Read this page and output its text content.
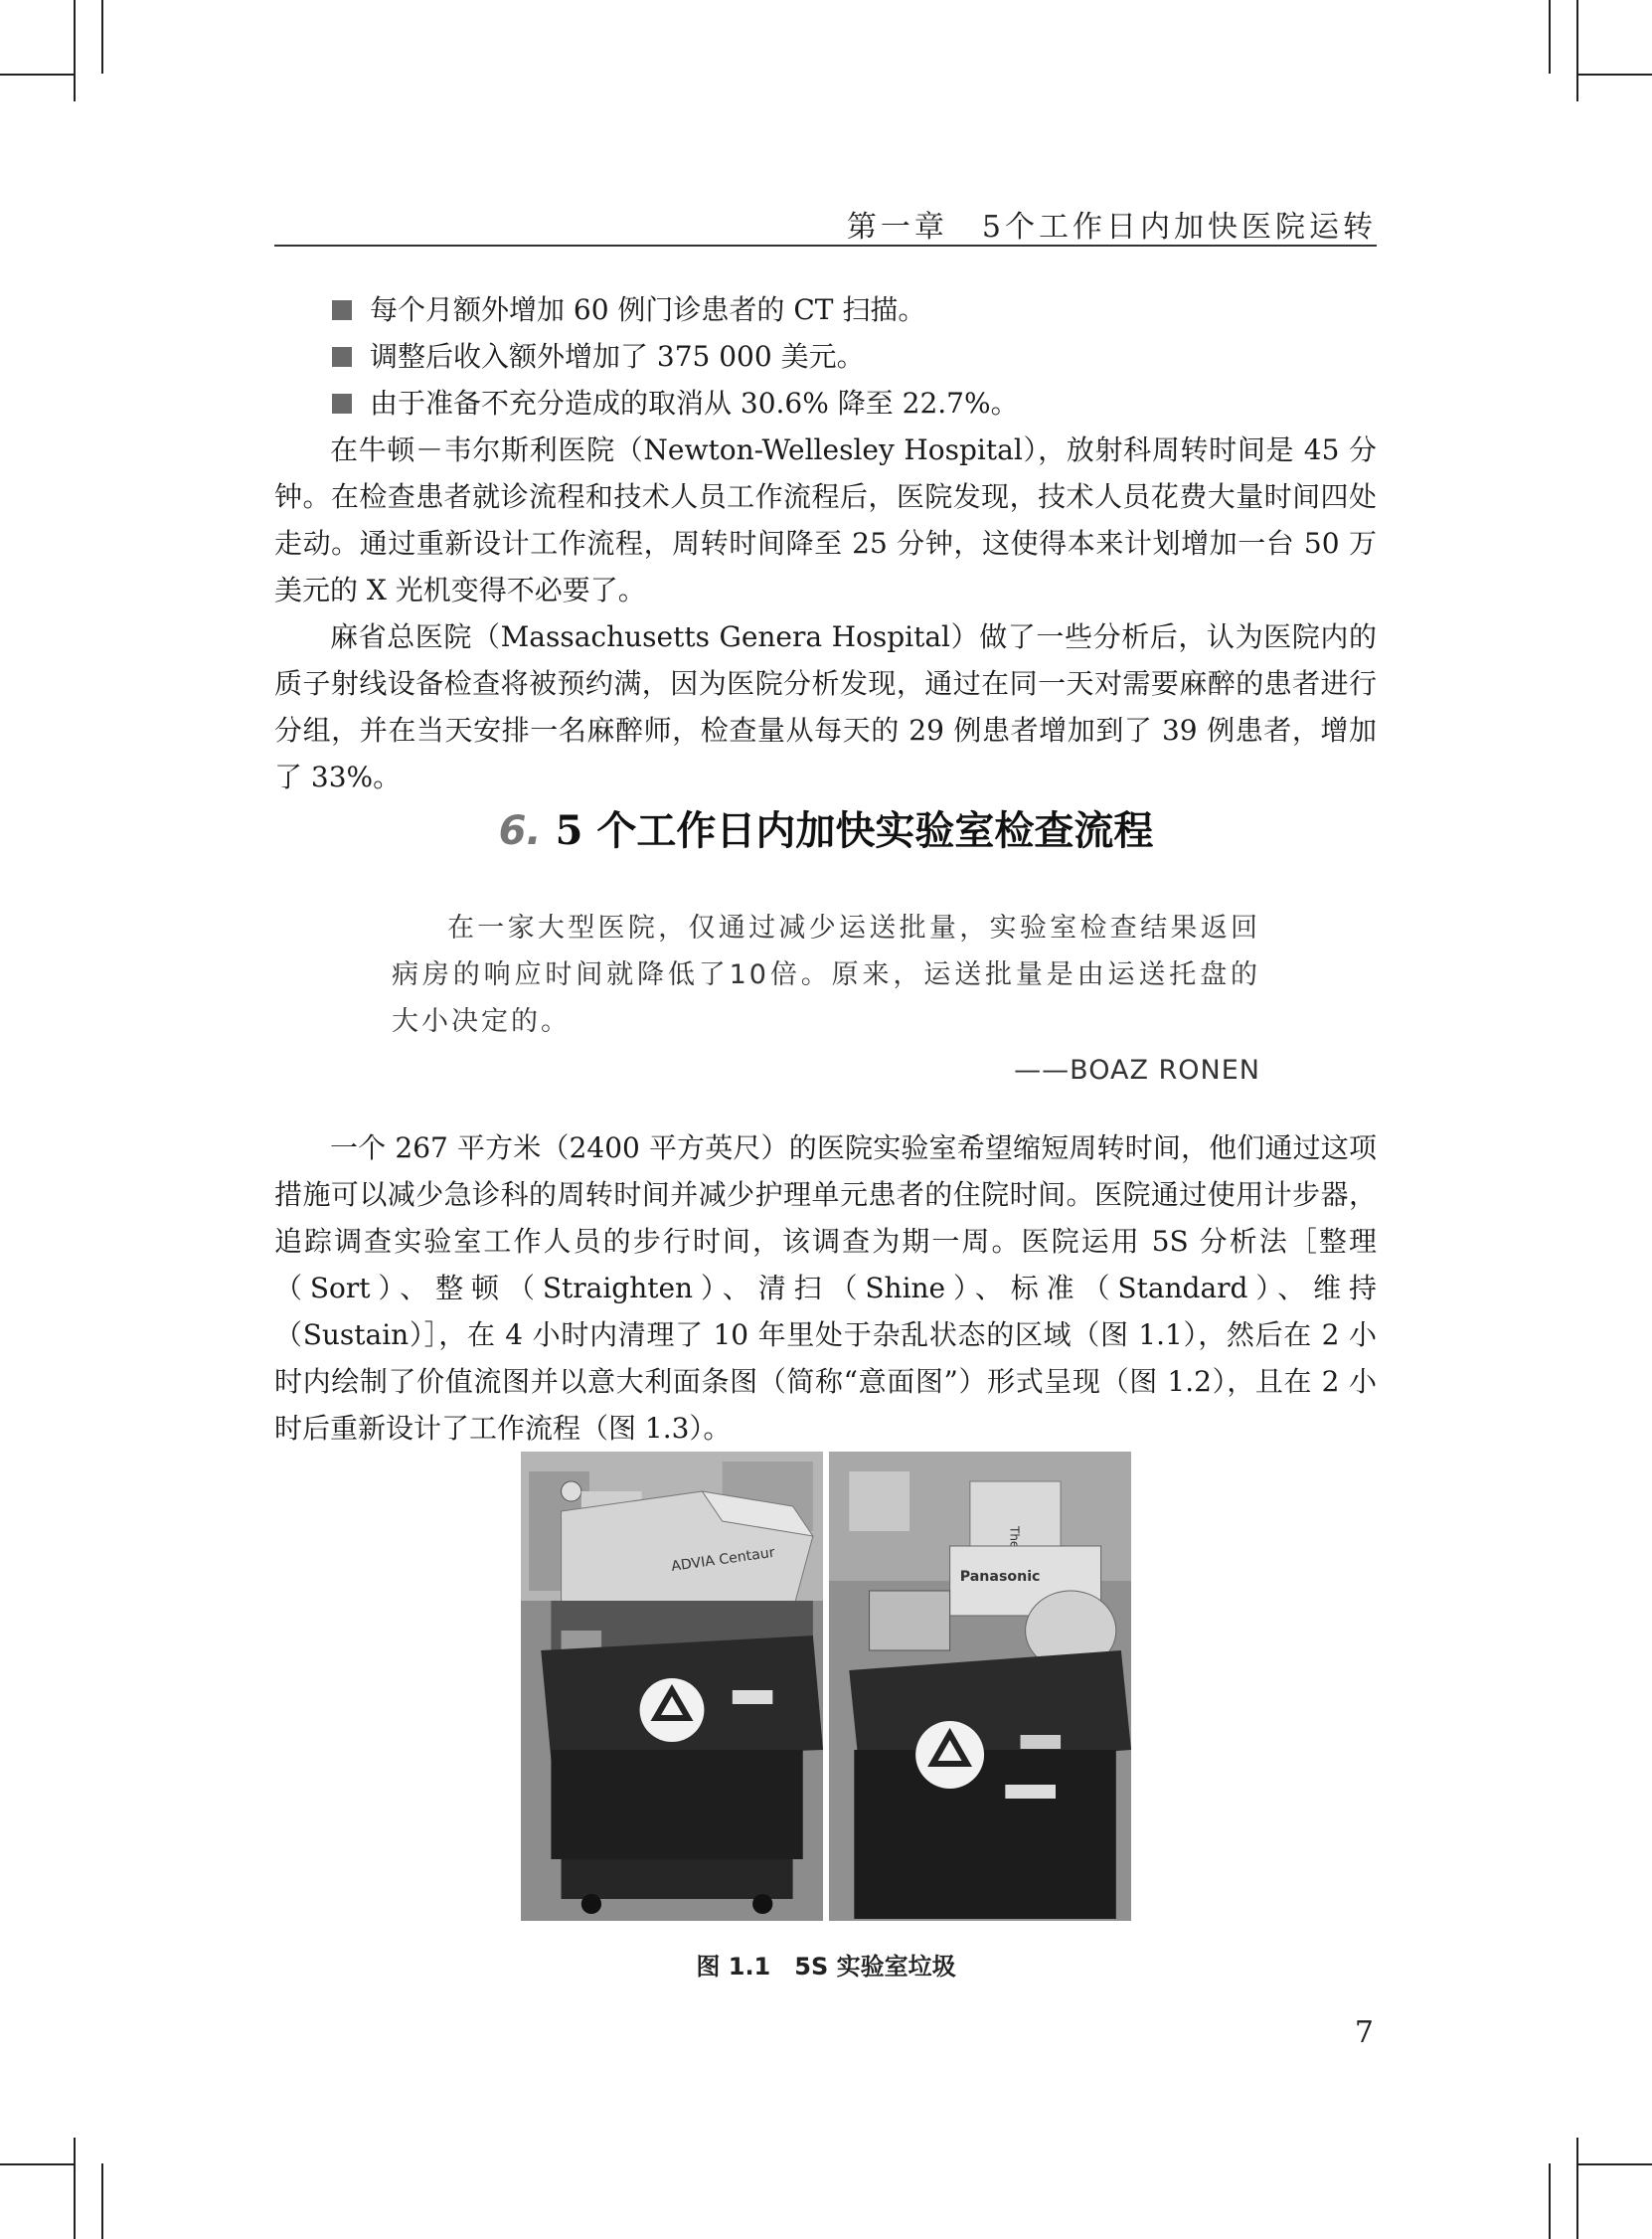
第一章　5个工作日内加快医院运转
每个月额外增加 60 例门诊患者的 CT 扫描。
调整后收入额外增加了 375 000 美元。
由于准备不充分造成的取消从 30.6% 降至 22.7%。

在牛顿－韦尔斯利医院（Newton-Wellesley Hospital），放射科周转时间是 45 分钟。在检查患者就诊流程和技术人员工作流程后，医院发现，技术人员花费大量时间四处走动。通过重新设计工作流程，周转时间降至 25 分钟，这使得本来计划增加一台 50 万美元的 X 光机变得不必要了。

麻省总医院（Massachusetts Genera Hospital）做了一些分析后，认为医院内的质子射线设备检查将被预约满，因为医院分析发现，通过在同一天对需要麻醉的患者进行分组，并在当天安排一名麻醉师，检查量从每天的 29 例患者增加到了 39 例患者，增加了 33%。

6. 5 个工作日内加快实验室检查流程

在一家大型医院，仅通过减少运送批量，实验室检查结果返回病房的响应时间就降低了10倍。原来，运送批量是由运送托盘的大小决定的。

——BOAZ RONEN

一个 267 平方米（2400 平方英尺）的医院实验室希望缩短周转时间，他们通过这项措施可以减少急诊科的周转时间并减少护理单元患者的住院时间。医院通过使用计步器，追踪调查实验室工作人员的步行时间，该调查为期一周。医院运用 5S 分析法［整理（Sort）、整顿（Straighten）、清扫（Shine）、标准（Standard）、维持（Sustain）］，在 4 小时内清理了 10 年里处于杂乱状态的区域（图 1.1），然后在 2 小时内绘制了价值流图并以意大利面条图（简称“意面图”）形式呈现（图 1.2），且在 2 小时后重新设计了工作流程（图 1.3）。

ADVIA Centaur
Panasonic
图 1.1　5S 实验室垃圾
7
